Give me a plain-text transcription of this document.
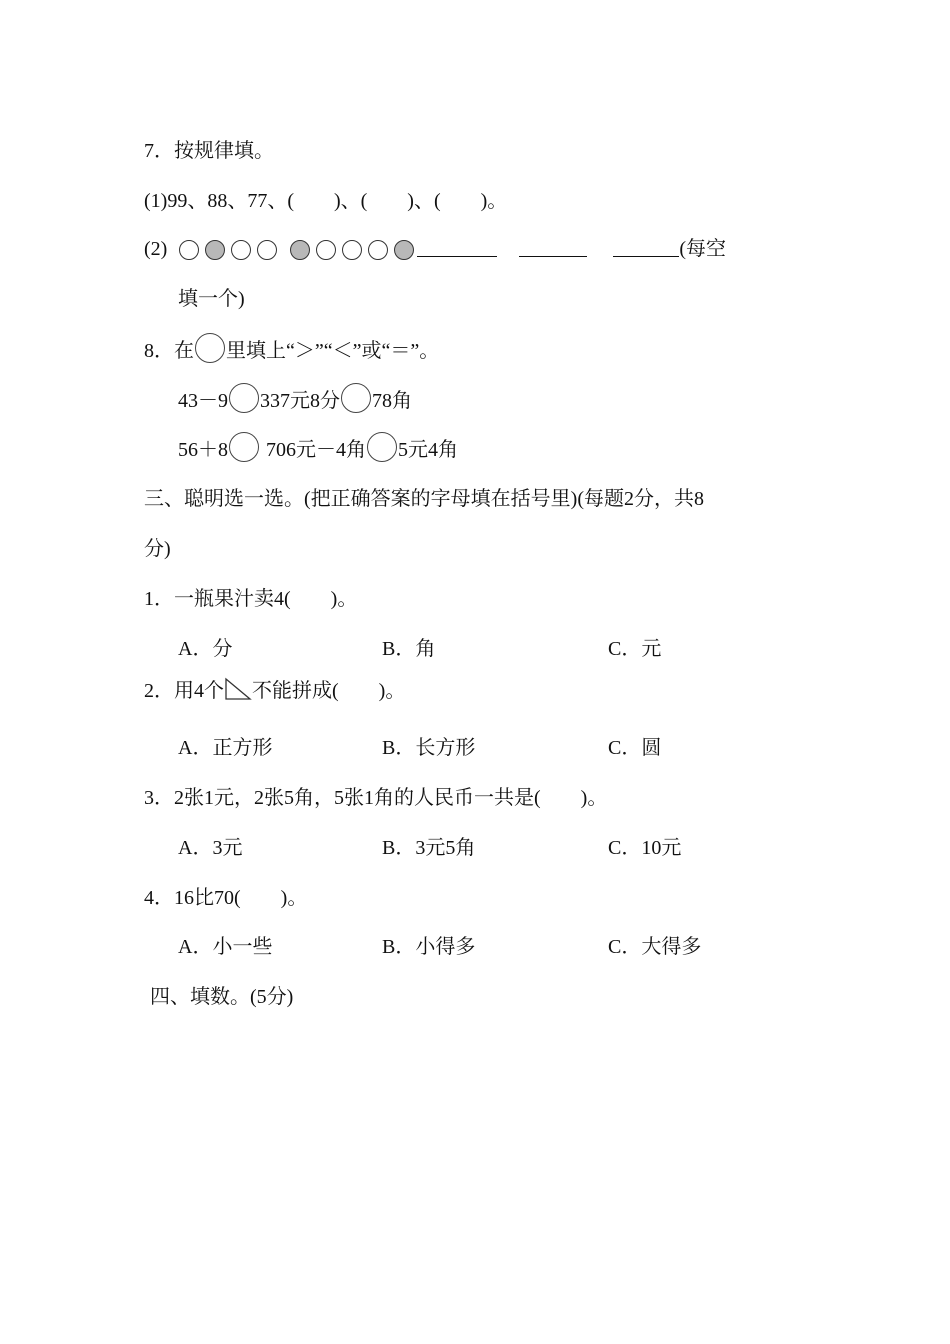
7．按规律填。
(1)99、88、77、(　　)、(　　)、(　　)。
(2)	(每空
填一个)
8．在 里填上“＞”“＜”或“＝”。
43－9 337元8分 78角
56＋8 706元－4角 5元4角
三、聪明选一选。(把正确答案的字母填在括号里)(每题2分，共8
分)
1．一瓶果汁卖4(　　)。
A．分	B．角	C．元
2．用4个 不能拼成(　　)。
A．正方形	B．长方形	C．圆
3．2张1元，2张5角，5张1角的人民币一共是(　　)。
A．3元	B．3元5角	C．10元
4．16比70(　　)。
A．小一些	B．小得多	C．大得多
四、填数。(5分)
